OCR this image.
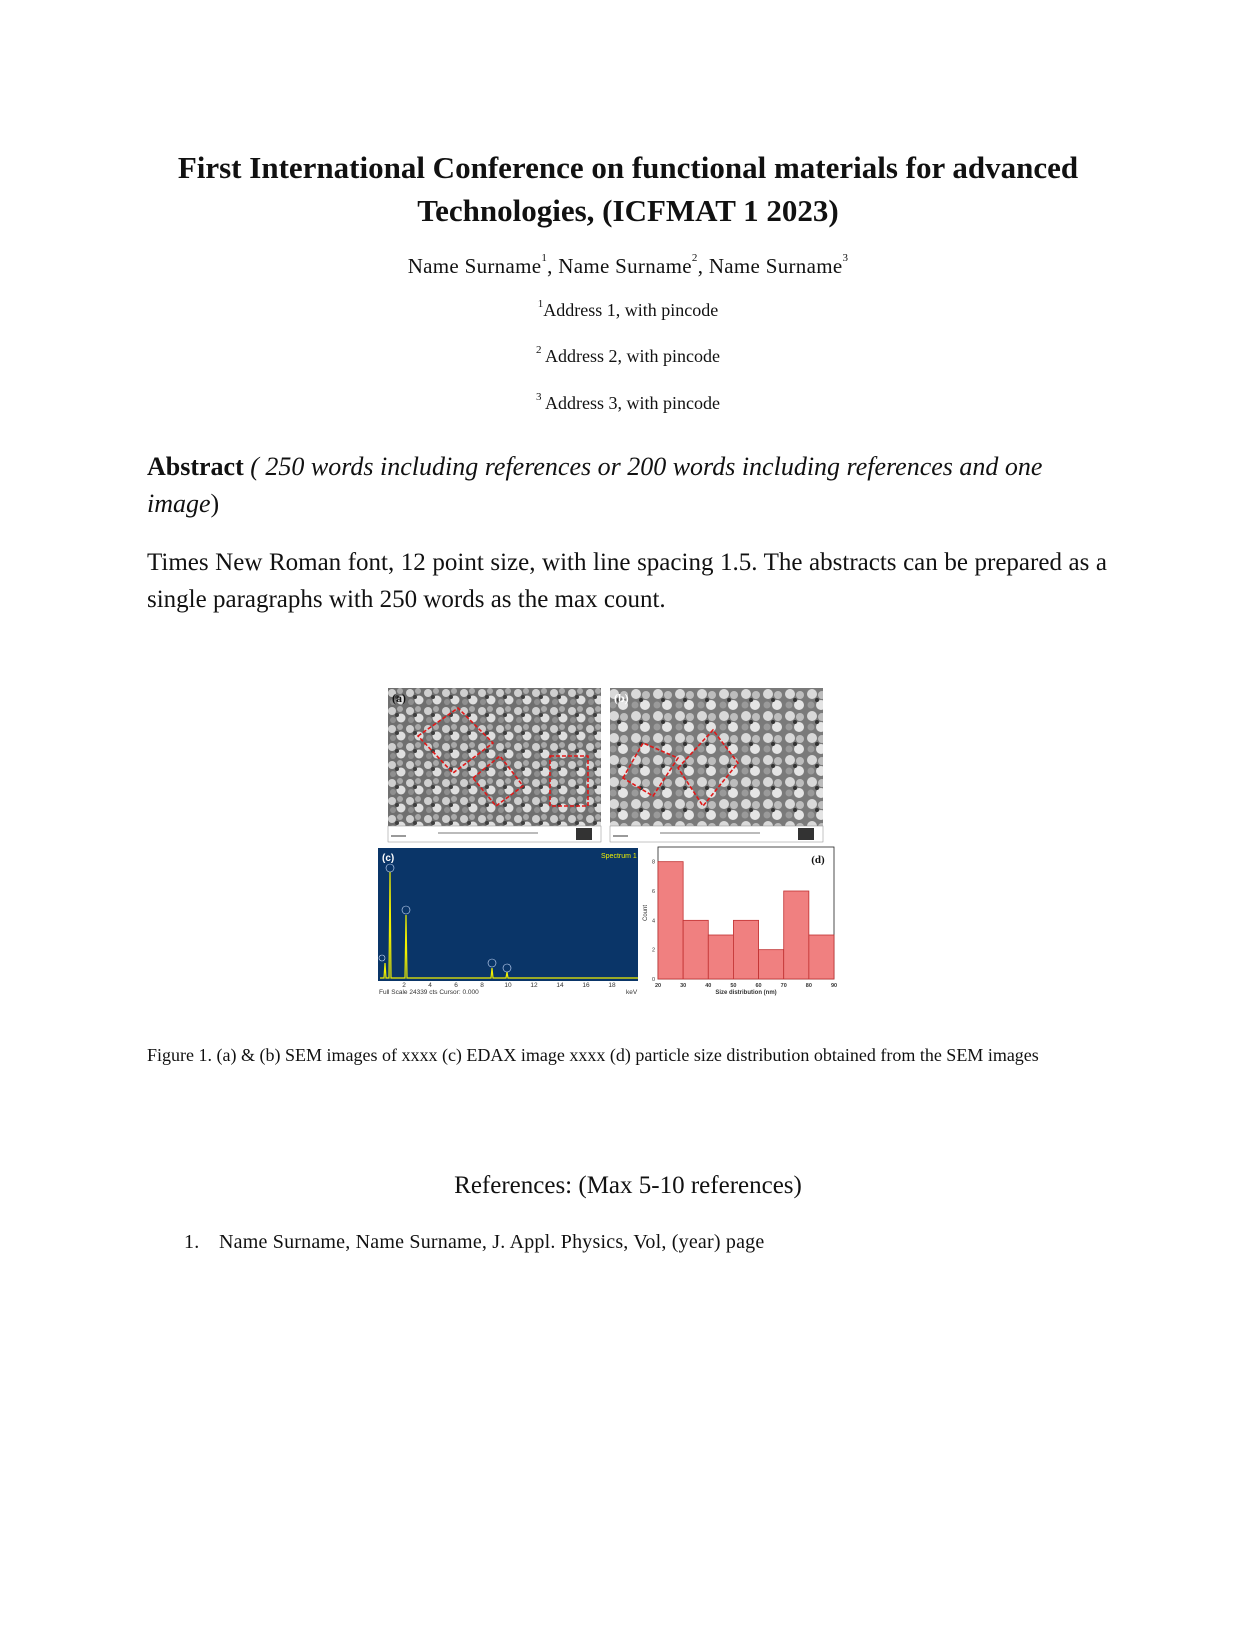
First International Conference on functional materials for advanced Technologies, (ICFMAT 1 2023)
Name Surname$^1$, Name Surname$^2$, Name Surname$^3$
$^1$Address 1, with pincode
$^2$ Address 2, with pincode
$^3$ Address 3, with pincode
Abstract ( 250 words including references or 200 words including references and one image)
Times New Roman font, 12 point size, with line spacing 1.5. The abstracts can be prepared as a single paragraphs with 250 words as the max count.
(a)	(b)
(c)	Spectrum 1
2	4	6	8	10	12	14	16	18
Full Scale 24339 cts Cursor: 0.000	keV
(d)
0
2
4
6
8
20	30	40	50	60	70	80	90
Count
Size distribution (nm)
Figure 1. (a) & (b) SEM images of xxxx (c) EDAX image xxxx (d) particle size distribution obtained from the SEM images
References: (Max 5-10 references)
1. Name Surname, Name Surname, J. Appl. Physics, Vol, (year) page
